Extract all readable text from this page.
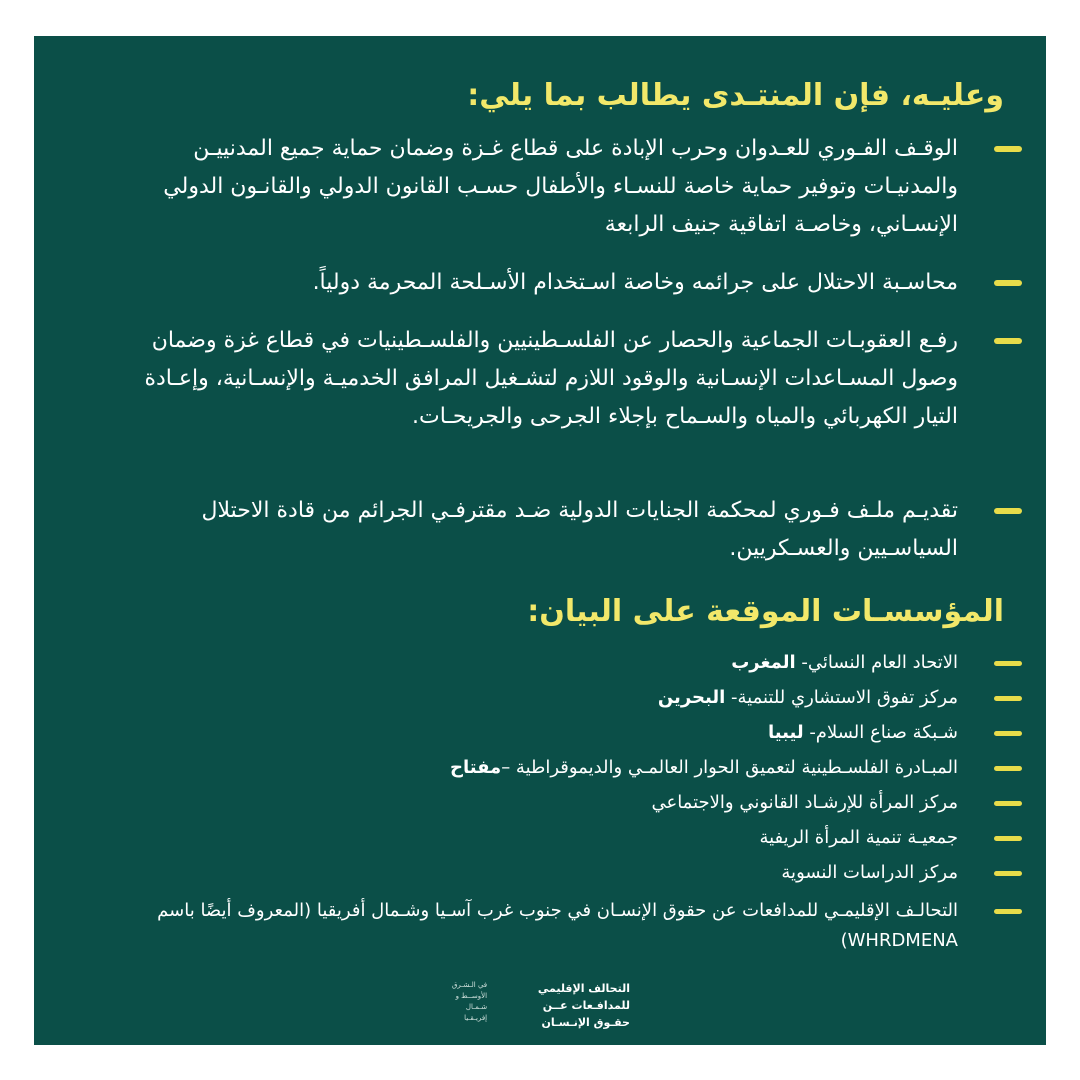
وعليـه، فإن المنتـدى يطالب بما يلي:
الوقـف الفـوري للعـدوان وحرب الإبادة على قطاع غـزة وضمان حماية جميع المدنييـن والمدنيـات وتوفير حماية خاصة للنسـاء والأطفال حسـب القانون الدولي والقانـون الدولي الإنسـاني، وخاصـة اتفاقية جنيف الرابعة
محاسـبة الاحتلال على جرائمه وخاصة اسـتخدام الأسـلحة المحرمة دولياً.
رفـع العقوبـات الجماعية والحصار عن الفلسـطينيين والفلسـطينيات في قطاع غزة وضمان وصول المسـاعدات الإنسـانية والوقود اللازم لتشـغيل المرافق الخدميـة والإنسـانية، وإعـادة التيار الكهربائي والمياه والسـماح بإجلاء الجرحى والجريحـات.
تقديـم ملـف فـوري لمحكمة الجنايات الدولية ضـد مقترفـي الجرائم من قادة الاحتلال السياسـيين والعسـكريين.
المؤسسـات الموقعة على البيان:
الاتحاد العام النسائي- المغرب
مركز تفوق الاستشاري للتنمية- البحرين
شـبكة صناع السلام- ليبيا
المبـادرة الفلسـطينية لتعميق الحوار العالمـي والديموقراطية –مفتاح
مركز المرأة للإرشـاد القانوني والاجتماعي
جمعيـة تنمية المرأة الريفية
مركز الدراسات النسوية
التحالـف الإقليمـي للمدافعات عن حقوق الإنسـان في جنوب غرب آسـيا وشـمال أفريقيا (المعروف أيضًا باسم WHRDMENA)
التحالف الإقليمي
للمدافـعات عــن
حقـوق الإنـسـان
في الـشـرق
الأوســط و
شـمـال
إفريـقـيا
